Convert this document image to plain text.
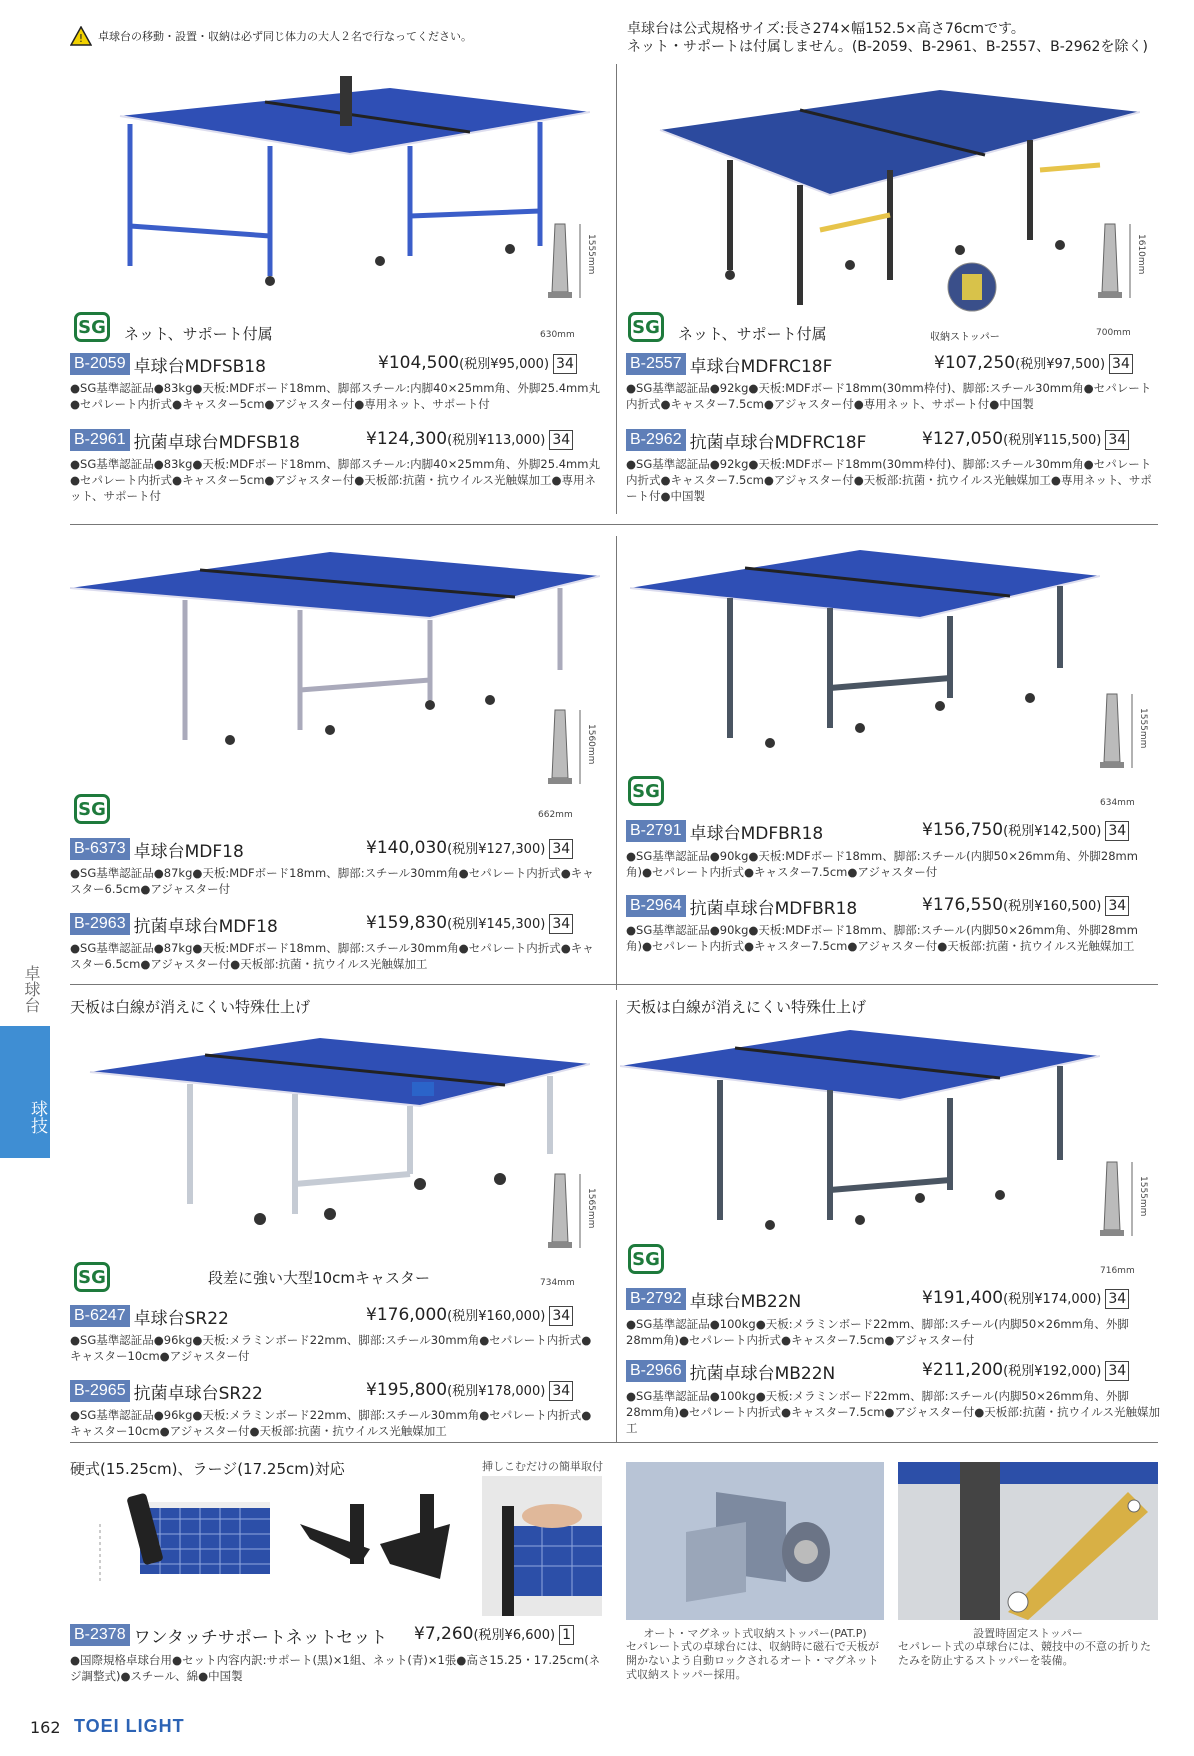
! 卓球台の移動・設置・収納は必ず同じ体力の大人２名で行なってください。	卓球台は公式規格サイズ:長さ274×幅152.5×高さ76cmです。
ネット・サポートは付属しません。(B-2059、B-2961、B-2557、B-2962を除く)
卓球台
球技
1555mm
630mm
SG ネット、サポート付属
B-2059 卓球台MDFSB18	¥104,500(税別¥95,000) 34
●SG基準認証品●83kg●天板:MDFボード18mm、脚部スチール:内脚40×25mm角、外脚25.4mm丸●セパレート内折式●キャスター5cm●アジャスター付●専用ネット、サポート付
B-2961 抗菌卓球台MDFSB18	¥124,300(税別¥113,000) 34
●SG基準認証品●83kg●天板:MDFボード18mm、脚部スチール:内脚40×25mm角、外脚25.4mm丸●セパレート内折式●キャスター5cm●アジャスター付●天板部:抗菌・抗ウイルス光触媒加工●専用ネット、サポート付
収納ストッパー
1610mm
700mm
SG ネット、サポート付属
B-2557 卓球台MDFRC18F	¥107,250(税別¥97,500) 34
●SG基準認証品●92kg●天板:MDFボード18mm(30mm枠付)、脚部:スチール30mm角●セパレート内折式●キャスター7.5cm●アジャスター付●専用ネット、サポート付●中国製
B-2962 抗菌卓球台MDFRC18F	¥127,050(税別¥115,500) 34
●SG基準認証品●92kg●天板:MDFボード18mm(30mm枠付)、脚部:スチール30mm角●セパレート内折式●キャスター7.5cm●アジャスター付●天板部:抗菌・抗ウイルス光触媒加工●専用ネット、サポート付●中国製
1560mm
662mm
SG
B-6373 卓球台MDF18	¥140,030(税別¥127,300) 34
●SG基準認証品●87kg●天板:MDFボード18mm、脚部:スチール30mm角●セパレート内折式●キャスター6.5cm●アジャスター付
B-2963 抗菌卓球台MDF18	¥159,830(税別¥145,300) 34
●SG基準認証品●87kg●天板:MDFボード18mm、脚部:スチール30mm角●セパレート内折式●キャスター6.5cm●アジャスター付●天板部:抗菌・抗ウイルス光触媒加工
1555mm
634mm
SG
B-2791 卓球台MDFBR18	¥156,750(税別¥142,500) 34
●SG基準認証品●90kg●天板:MDFボード18mm、脚部:スチール(内脚50×26mm角、外脚28mm角)●セパレート内折式●キャスター7.5cm●アジャスター付
B-2964 抗菌卓球台MDFBR18	¥176,550(税別¥160,500) 34
●SG基準認証品●90kg●天板:MDFボード18mm、脚部:スチール(内脚50×26mm角、外脚28mm角)●セパレート内折式●キャスター7.5cm●アジャスター付●天板部:抗菌・抗ウイルス光触媒加工
天板は白線が消えにくい特殊仕上げ
1565mm
734mm
SG	段差に強い大型10cmキャスター
B-6247 卓球台SR22	¥176,000(税別¥160,000) 34
●SG基準認証品●96kg●天板:メラミンボード22mm、脚部:スチール30mm角●セパレート内折式●キャスター10cm●アジャスター付
B-2965 抗菌卓球台SR22	¥195,800(税別¥178,000) 34
●SG基準認証品●96kg●天板:メラミンボード22mm、脚部:スチール30mm角●セパレート内折式●キャスター10cm●アジャスター付●天板部:抗菌・抗ウイルス光触媒加工
天板は白線が消えにくい特殊仕上げ
1555mm
716mm
SG
B-2792 卓球台MB22N	¥191,400(税別¥174,000) 34
●SG基準認証品●100kg●天板:メラミンボード22mm、脚部:スチール(内脚50×26mm角、外脚28mm角)●セパレート内折式●キャスター7.5cm●アジャスター付
B-2966 抗菌卓球台MB22N	¥211,200(税別¥192,000) 34
●SG基準認証品●100kg●天板:メラミンボード22mm、脚部:スチール(内脚50×26mm角、外脚28mm角)●セパレート内折式●キャスター7.5cm●アジャスター付●天板部:抗菌・抗ウイルス光触媒加工
硬式(15.25cm)、ラージ(17.25cm)対応	挿しこむだけの簡単取付
B-2378 ワンタッチサポートネットセット ¥7,260(税別¥6,600) 1
●国際規格卓球台用●セット内容内訳:サポート(黒)×1組、ネット(青)×1張●高さ15.25・17.25cm(ネジ調整式)●スチール、綿●中国製
オート・マグネット式収納ストッパー(PAT.P)
セパレート式の卓球台には、収納時に磁石で天板が開かないよう自動ロックされるオート・マグネット式収納ストッパー採用。
設置時固定ストッパー
セパレート式の卓球台には、競技中の不意の折りたたみを防止するストッパーを装備。
162 TOEI LIGHT
